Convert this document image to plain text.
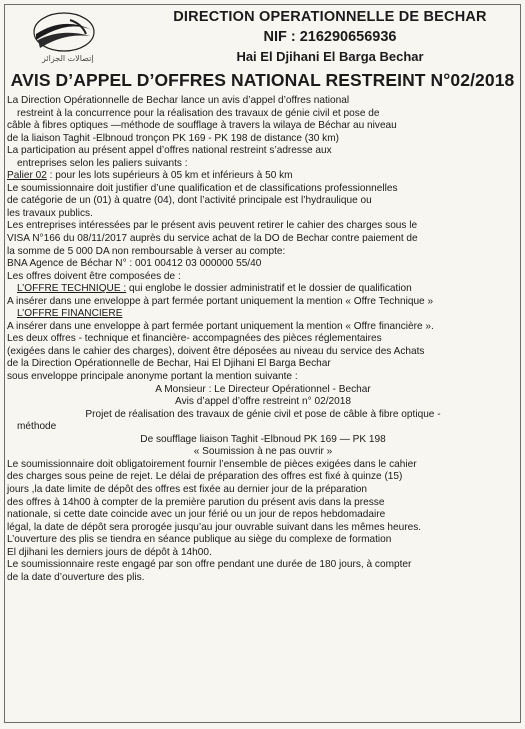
إتصالات الجزائر
DIRECTION OPERATIONNELLE DE BECHAR
NIF : 216290656936
Hai El Djihani El Barga Bechar
AVIS D’APPEL D’OFFRES NATIONAL RESTREINT N°02/2018

La Direction Opérationnelle de Bechar lance un avis d’appel d’offres national

restreint à la concurrence pour la réalisation des travaux de génie civil et pose de

câble à fibres optiques —méthode de soufflage à travers la wilaya de Béchar au niveau

de la liaison Taghit -Elbnoud tronçon PK 169 - PK 198 de distance (30 km)

La participation au présent appel d’offres national restreint s’adresse aux

entreprises selon les paliers suivants :

Palier 02 : pour les lots supérieurs à 05 km et inférieurs à 50 km

Le soumissionnaire doit justifier d’une qualification et de classifications professionnelles

de catégorie de un (01) à quatre (04), dont l’activité principale est l’hydraulique ou

les travaux publics.

Les entreprises intéressées par le présent avis peuvent retirer le cahier des charges sous le

VISA N°166 du 08/11/2017 auprès du service achat de la DO de Bechar contre paiement de

la somme de 5 000 DA non remboursable à verser au compte:

BNA Agence de Béchar N° : 001 00412 03 000000 55/40

Les offres doivent être composées de :

L’OFFRE TECHNIQUE : qui englobe le dossier administratif et le dossier de qualification

A insérer dans une enveloppe à part fermée portant uniquement la mention « Offre Technique »

L’OFFRE FINANCIERE

A insérer dans une enveloppe à part fermée portant uniquement la mention « Offre financière ».

Les deux offres - technique et financière- accompagnées des pièces réglementaires

(exigées dans le cahier des charges), doivent être déposées au niveau du service des Achats

de la Direction Opérationnelle de Bechar, Hai El Djihani El Barga Bechar

sous enveloppe principale anonyme portant la mention suivante :

A Monsieur : Le Directeur Opérationnel - Bechar

Avis d’appel d’offre restreint n° 02/2018

Projet de réalisation des travaux de génie civil et pose de câble à fibre optique -

méthode

De soufflage liaison Taghit -Elbnoud PK 169 — PK 198

« Soumission à ne pas ouvrir »

Le soumissionnaire doit obligatoirement fournir l’ensemble de pièces exigées dans le cahier

des charges sous peine de rejet. Le délai de préparation des offres est fixé à quinze (15)

jours ,la date limite de dépôt des offres est fixée au dernier jour de la préparation

des offres à 14h00 à compter de la première parution du présent avis dans la presse

nationale, si cette date coincide avec un jour férié ou un jour de repos hebdomadaire

légal, la date de dépôt sera prorogée jusqu’au jour ouvrable suivant dans les mêmes heures.

L’ouverture des plis se tiendra en séance publique au siège du complexe de formation

El djihani les derniers jours de dépôt à 14h00.

Le soumissionnaire reste engagé par son offre pendant une durée de 180 jours, à compter

de la date d’ouverture des plis.
